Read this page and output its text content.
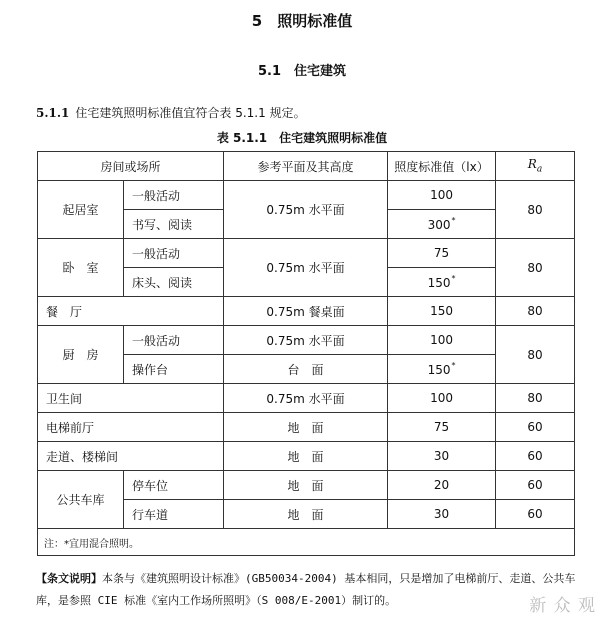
5　照明标准值
5.1　住宅建筑
5.1.1 住宅建筑照明标准值宜符合表 5.1.1 规定。
表 5.1.1　住宅建筑照明标准值
房间或场所		参考平面及其高度	照度标准值（lx）	$R_a$
起居室	一般活动	0.75m 水平面	100	80
	书写、阅读		300*
卧　室	一般活动	0.75m 水平面	75	80
	床头、阅读		150*
餐　厅		0.75m 餐桌面	150	80
厨　房	一般活动	0.75m 水平面	100	80
	操作台	台　面	150*
卫生间		0.75m 水平面	100	80
电梯前厅		地　面	75	60
走道、楼梯间		地　面	30	60
公共车库	停车位	地　面	20	60
	行车道	地　面	30	60
注：*宜用混合照明。				
【条文说明】本条与《建筑照明设计标准》(GB50034-2004) 基本相同，只是增加了电梯前厅、走道、公共车库，是参照 CIE 标准《室内工作场所照明》（S 008/E-2001）制订的。	新 众 观
